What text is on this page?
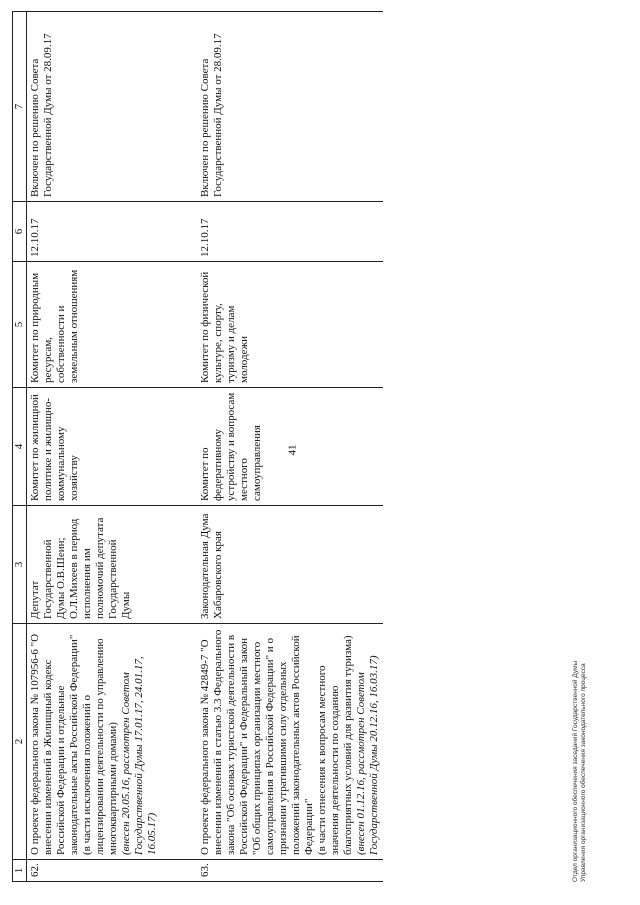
41
1	2	3	4	5	6	7
62.	О проекте федерального закона № 107956-6 "О внесении изменений в Жилищный кодекс Российской Федерации и отдельные законодательные акты Российской Федерации"
(в части исключения положений о лицензировании деятельности по управлению многоквартирными домами)
(внесен 20.05.16, рассмотрен Советом Государственной Думы 17.01.17, 24.01.17, 16.05.17)	Депутат Государственной Думы О.В.Шеин; О.Л.Михеев в период исполнения им полномочий депутата Государственной Думы	Комитет по жилищной политике и жилищно-коммунальному хозяйству	Комитет по природным ресурсам, собственности и земельным отношениям	12.10.17	Включен по решению Совета Государственной Думы от 28.09.17
63.	О проекте федерального закона № 42849-7 "О внесении изменений в статью 3.3 Федерального закона "Об основах туристской деятельности в Российской Федерации" и Федеральный закон "Об общих принципах организации местного самоуправления в Российской Федерации" и о признании утратившими силу отдельных положений законодательных актов Российской Федерации"
(в части отнесения к вопросам местного значения деятельности по созданию благоприятных условий для развития туризма)
(внесен 01.12.16, рассмотрен Советом Государственной Думы 20.12.16, 16.03.17)	Законодательная Дума Хабаровского края	Комитет по федеративному устройству и вопросам местного самоуправления	Комитет по физической культуре, спорту, туризму и делам молодежи	12.10.17	Включен по решению Совета Государственной Думы от 28.09.17
Отдел организационного обеспечения заседаний Государственной Думы Управления организационного обеспечения законодательного процесса
